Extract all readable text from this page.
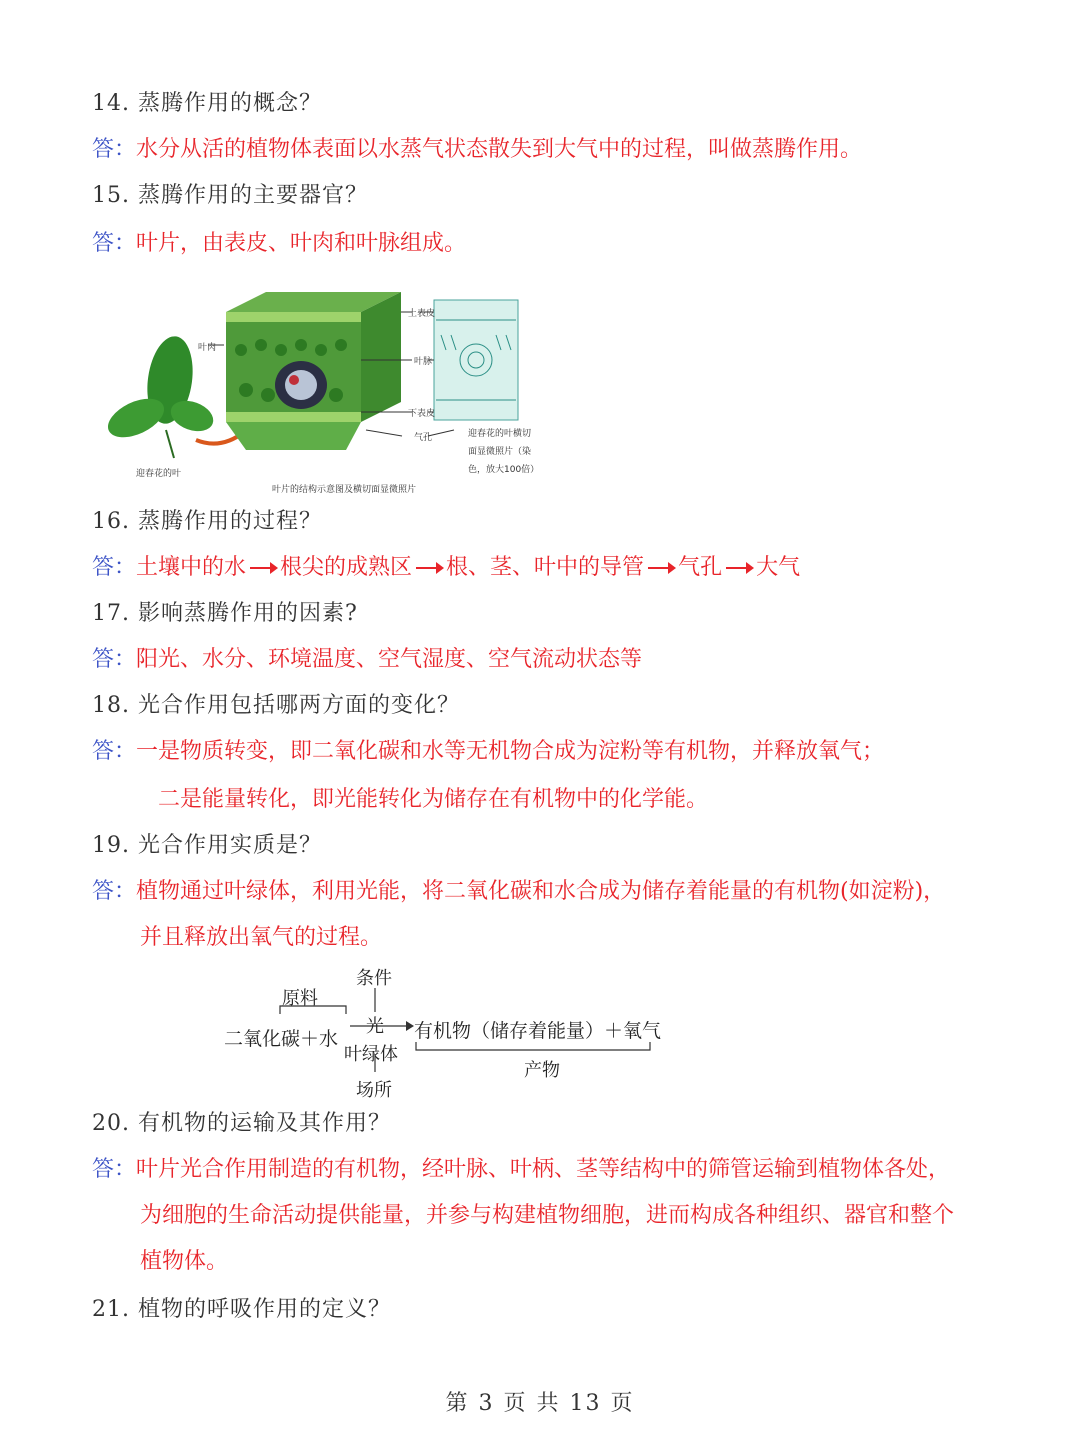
14. 蒸腾作用的概念？
答：水分从活的植物体表面以水蒸气状态散失到大气中的过程，叫做蒸腾作用。
15. 蒸腾作用的主要器官？
答：叶片，由表皮、叶肉和叶脉组成。
迎春花的叶
叶片的结构示意图及横切面显微照片
叶肉
上表皮
叶脉
下表皮
气孔	迎春花的叶横切
面显微照片（染
色，放大100倍）
16. 蒸腾作用的过程？
答：土壤中的水 根尖的成熟区 根、茎、叶中的导管 气孔 大气
17. 影响蒸腾作用的因素?
答：阳光、水分、环境温度、空气湿度、空气流动状态等
18. 光合作用包括哪两方面的变化？
答：一是物质转变，即二氧化碳和水等无机物合成为淀粉等有机物，并释放氧气；
二是能量转化，即光能转化为储存在有机物中的化学能。
19. 光合作用实质是？
答：植物通过叶绿体，利用光能，将二氧化碳和水合成为储存着能量的有机物(如淀粉)，
并且释放出氧气的过程。
原料
条件
二氧化碳＋水
光
叶绿体
有机物（储存着能量）＋氧气
场所
产物
20. 有机物的运输及其作用？
答：叶片光合作用制造的有机物，经叶脉、叶柄、茎等结构中的筛管运输到植物体各处，
为细胞的生命活动提供能量，并参与构建植物细胞，进而构成各种组织、器官和整个
植物体。
21. 植物的呼吸作用的定义？
第 3 页 共 13 页
